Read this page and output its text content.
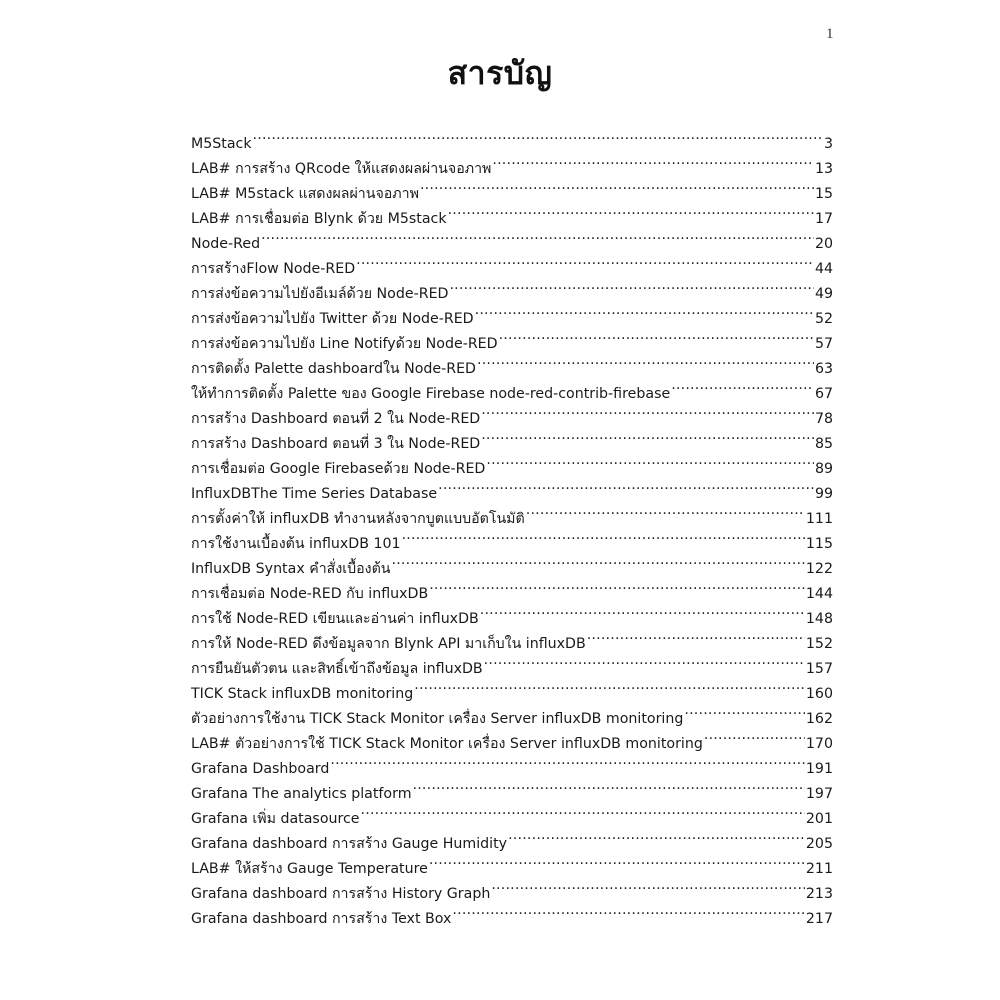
1
สารบัญ
M5Stack .....	3
LAB# การสร้าง QRcode ให้แสดงผลผ่านจอภาพ .....	13
LAB# M5stack แสดงผลผ่านจอภาพ .....	15
LAB# การเชื่อมต่อ Blynk ด้วย M5stack .....	17
Node-Red .....	20
การสร้างFlow Node-RED .....	44
การส่งข้อความไปยังอีเมล์ด้วย Node-RED .....	49
การส่งข้อความไปยัง Twitter ด้วย Node-RED .....	52
การส่งข้อความไปยัง Line Notifyด้วย Node-RED .....	57
การติดตั้ง Palette dashboardใน Node-RED .....	63
ให้ทำการติดตั้ง Palette ของ Google Firebase node-red-contrib-firebase .....	67
การสร้าง Dashboard ตอนที่ 2 ใน Node-RED .....	78
การสร้าง Dashboard ตอนที่ 3 ใน Node-RED .....	85
การเชื่อมต่อ Google Firebaseด้วย Node-RED .....	89
InfluxDBThe Time Series Database .....	99
การตั้งค่าให้ influxDB ทำงานหลังจากบูตแบบอัตโนมัติ .....	111
การใช้งานเบื้องต้น influxDB 101 .....	115
InfluxDB Syntax คำสั่งเบื้องต้น .....	122
การเชื่อมต่อ Node-RED กับ influxDB .....	144
การใช้ Node-RED เขียนและอ่านค่า influxDB .....	148
การให้ Node-RED ดึงข้อมูลจาก Blynk API มาเก็บใน influxDB .....	152
การยืนยันตัวตน และสิทธิ์เข้าถึงข้อมูล influxDB .....	157
TICK Stack influxDB monitoring .....	160
ตัวอย่างการใช้งาน TICK Stack Monitor เครื่อง Server influxDB monitoring .....	162
LAB# ตัวอย่างการใช้ TICK Stack Monitor เครื่อง Server influxDB monitoring .....	170
Grafana Dashboard .....	191
Grafana The analytics platform .....	197
Grafana เพิ่ม datasource .....	201
Grafana dashboard การสร้าง Gauge Humidity .....	205
LAB# ให้สร้าง Gauge Temperature .....	211
Grafana dashboard การสร้าง History Graph .....	213
Grafana dashboard การสร้าง Text Box .....	217
